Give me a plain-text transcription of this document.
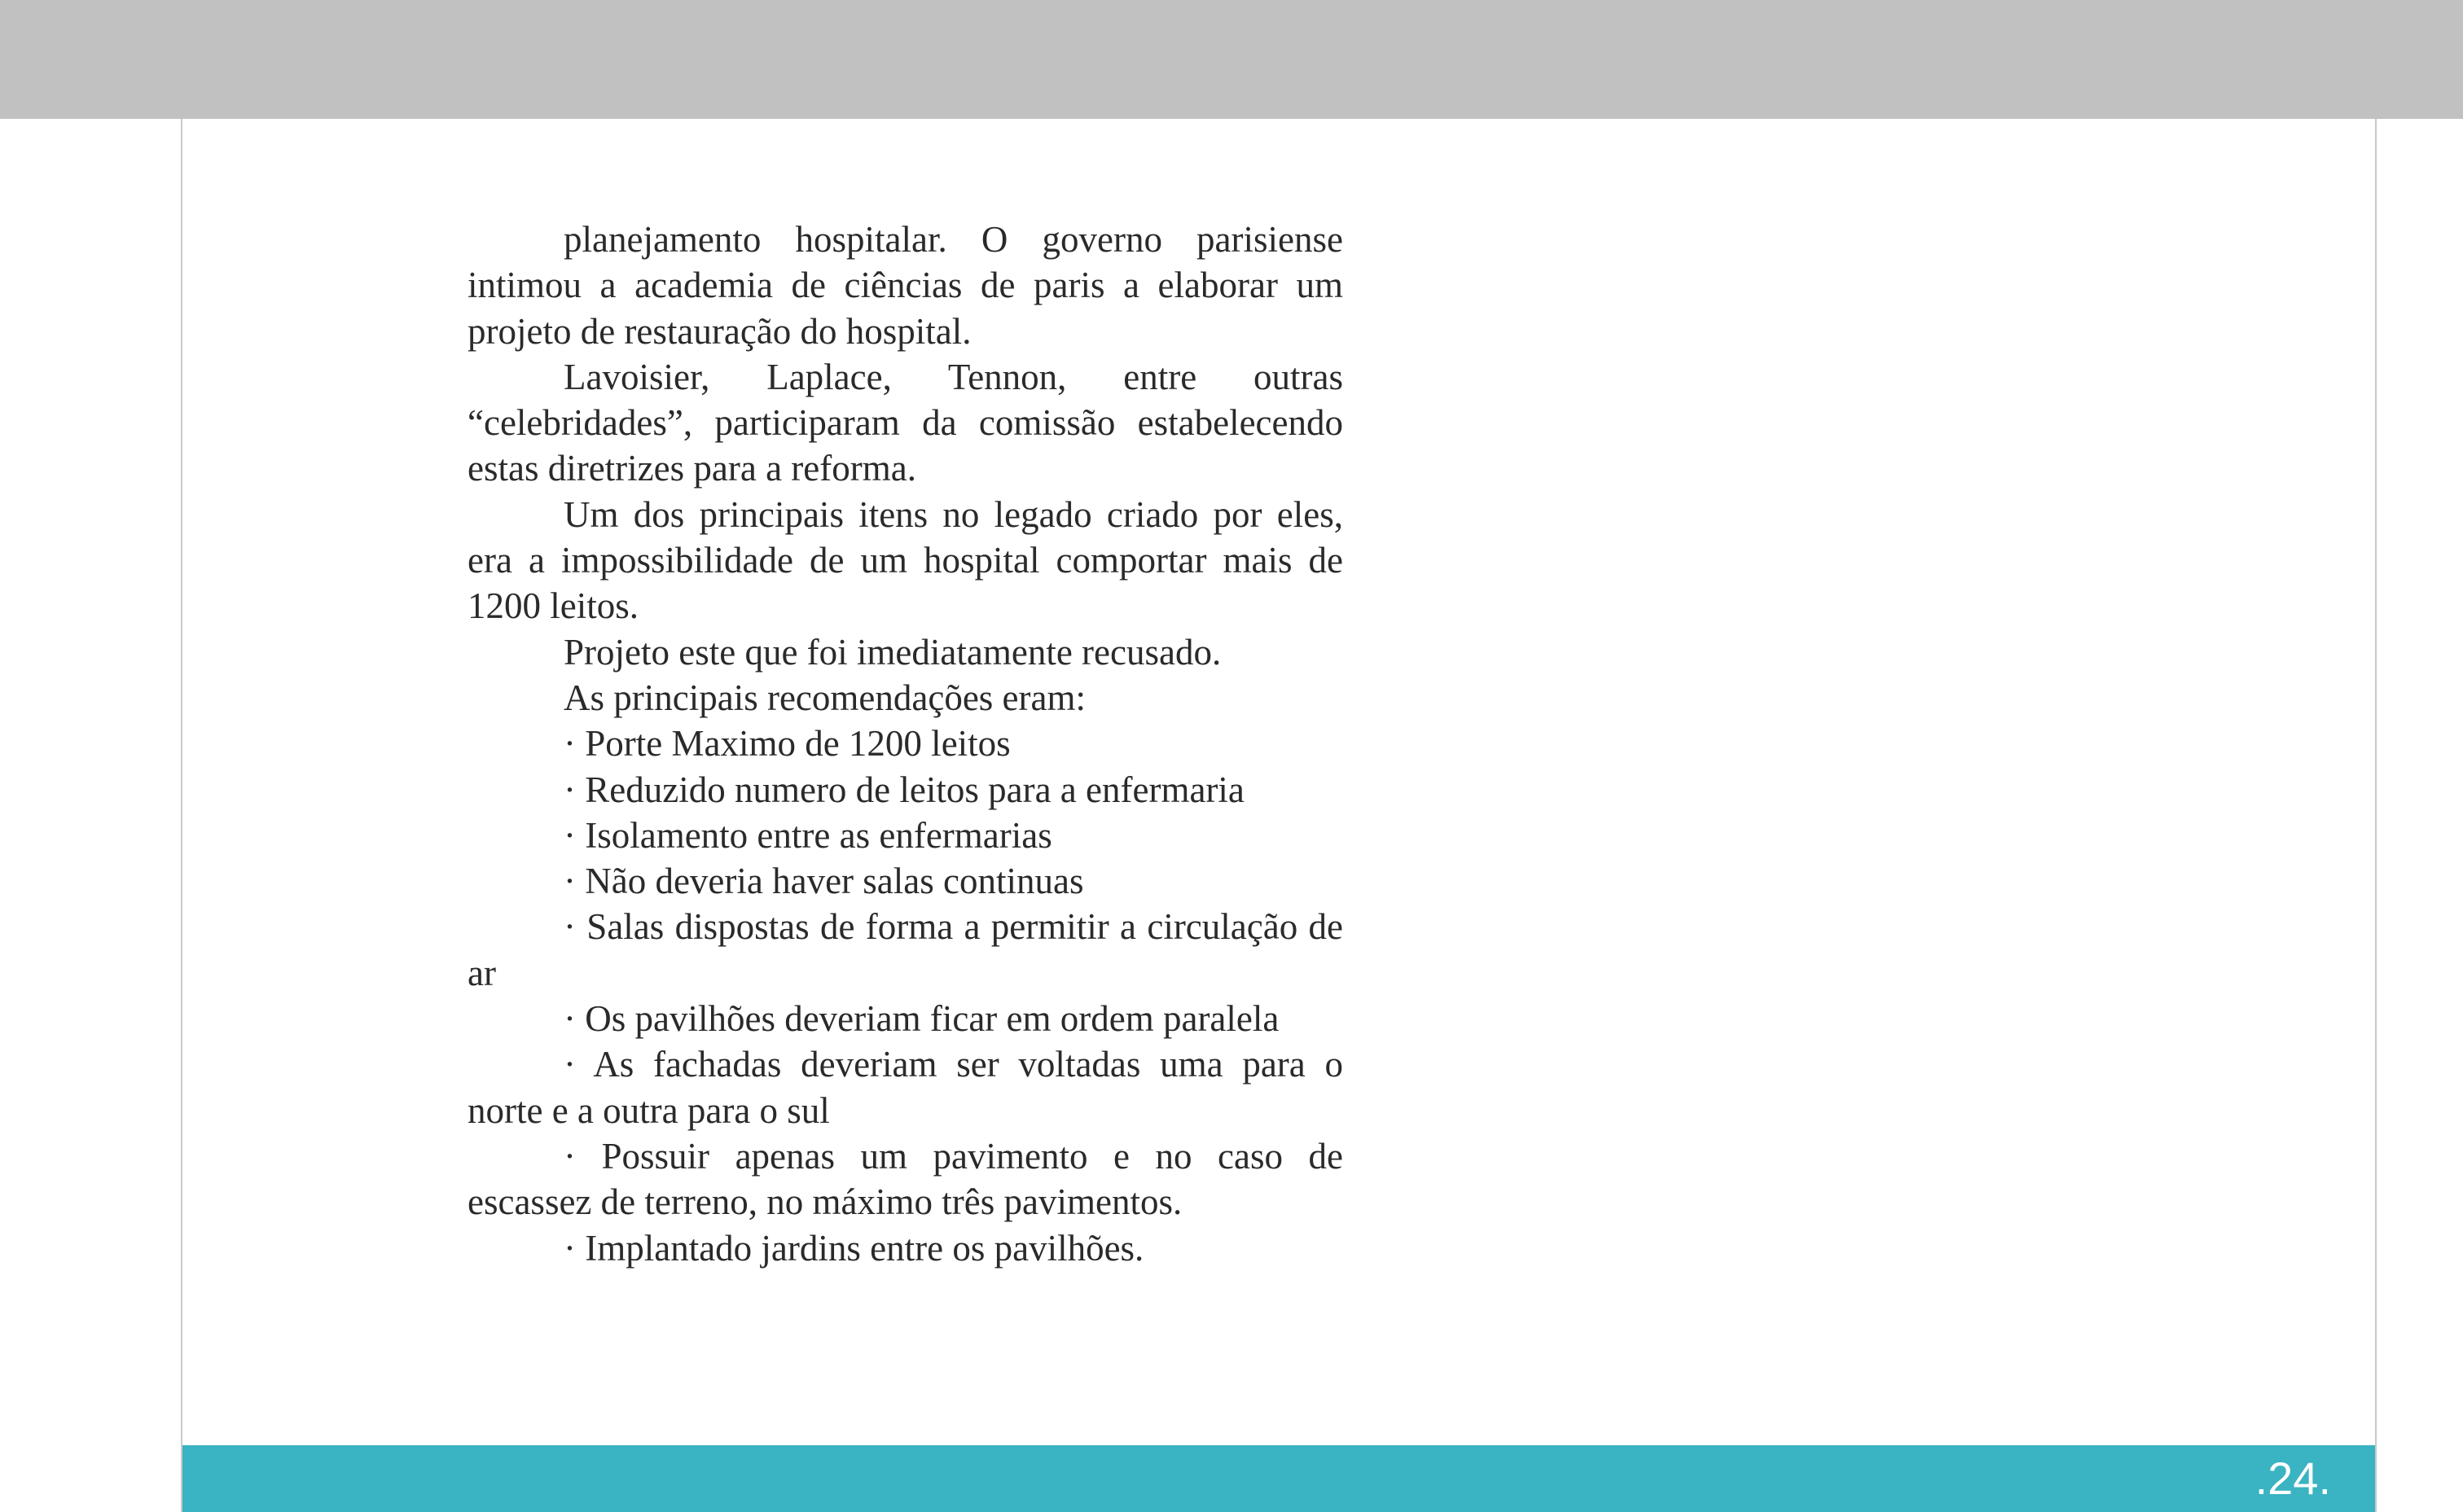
planejamento hospitalar. O governo parisiense intimou a academia de ciências de paris a elaborar um projeto de restauração do hospital.

Lavoisier, Laplace, Tennon, entre outras “celebridades”, participaram da comissão estabelecendo estas diretrizes para a reforma.

Um dos principais itens no legado criado por eles, era a impossibilidade de um hospital comportar mais de 1200 leitos.

Projeto este que foi imediatamente recusado.

As principais recomendações eram:

· Porte Maximo de 1200 leitos

· Reduzido numero de leitos para a enfermaria

· Isolamento entre as enfermarias

· Não deveria haver salas continuas

· Salas dispostas de forma a permitir a circulação de ar

· Os pavilhões deveriam ficar em ordem paralela

· As fachadas deveriam ser voltadas uma para o norte e a outra para o sul

· Possuir apenas um pavimento e no caso de escassez de terreno, no máximo três pavimentos.

· Implantado jardins entre os pavilhões.

.24.
